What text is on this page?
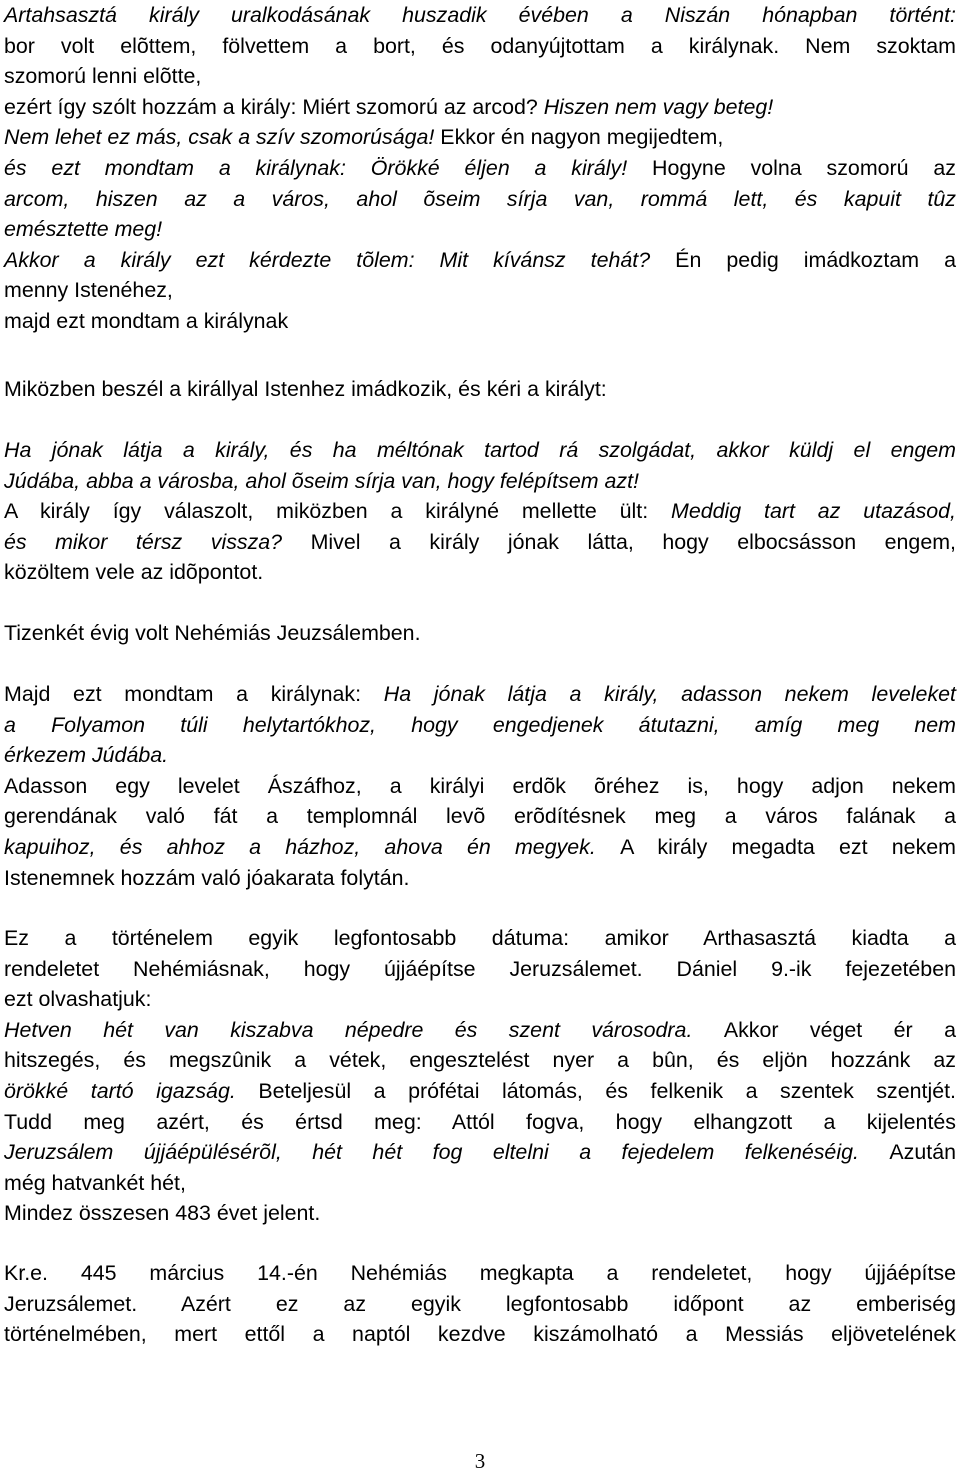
Artahsasztá király uralkodásának huszadik évében a Niszán hónapban történt:
bor volt elõttem, fölvettem a bort, és odanyújtottam a királynak. Nem szoktam
szomorú lenni elõtte,
ezért így szólt hozzám a király: Miért szomorú az arcod? Hiszen nem vagy beteg!
Nem lehet ez más, csak a szív szomorúsága! Ekkor én nagyon megijedtem,
és ezt mondtam a királynak: Örökké éljen a király! Hogyne volna szomorú az
arcom, hiszen az a város, ahol õseim sírja van, rommá lett, és kapuit tûz
emésztette meg!
Akkor a király ezt kérdezte tõlem: Mit kívánsz tehát? Én pedig imádkoztam a
menny Istenéhez,
majd ezt mondtam a királynak
Miközben beszél a királlyal Istenhez imádkozik, és kéri a királyt:
Ha jónak látja a király, és ha méltónak tartod rá szolgádat, akkor küldj el engem
Júdába, abba a városba, ahol õseim sírja van, hogy felépítsem azt!
A király így válaszolt, miközben a királyné mellette ült: Meddig tart az utazásod,
és mikor térsz vissza? Mivel a király jónak látta, hogy elbocsásson engem,
közöltem vele az idõpontot.
Tizenkét évig volt Nehémiás Jeuzsálemben.
Majd ezt mondtam a királynak: Ha jónak látja a király, adasson nekem leveleket
a Folyamon túli helytartókhoz, hogy engedjenek átutazni, amíg meg nem
érkezem Júdába.
Adasson egy levelet Ászáfhoz, a királyi erdõk õréhez is, hogy adjon nekem
gerendának való fát a templomnál levõ erõdítésnek meg a város falának a
kapuihoz, és ahhoz a házhoz, ahova én megyek. A király megadta ezt nekem
Istenemnek hozzám való jóakarata folytán.
Ez a történelem egyik legfontosabb dátuma: amikor Arthasasztá kiadta a
rendeletet Nehémiásnak, hogy újjáépítse Jeruzsálemet. Dániel 9.-ik fejezetében
ezt olvashatjuk:
Hetven hét van kiszabva népedre és szent városodra. Akkor véget ér a
hitszegés, és megszûnik a vétek, engesztelést nyer a bûn, és eljön hozzánk az
örökké tartó igazság. Beteljesül a prófétai látomás, és felkenik a szentek szentjét.
Tudd meg azért, és értsd meg: Attól fogva, hogy elhangzott a kijelentés
Jeruzsálem újjáépülésérõl, hét hét fog eltelni a fejedelem felkenéséig. Azután
még hatvankét hét,
Mindez összesen 483 évet jelent.
Kr.e. 445 március 14.-én Nehémiás megkapta a rendeletet, hogy újjáépítse
Jeruzsálemet. Azért ez az egyik legfontosabb időpont az emberiség
történelmében, mert ettől a naptól kezdve kiszámolható a Messiás eljövetelének
3
